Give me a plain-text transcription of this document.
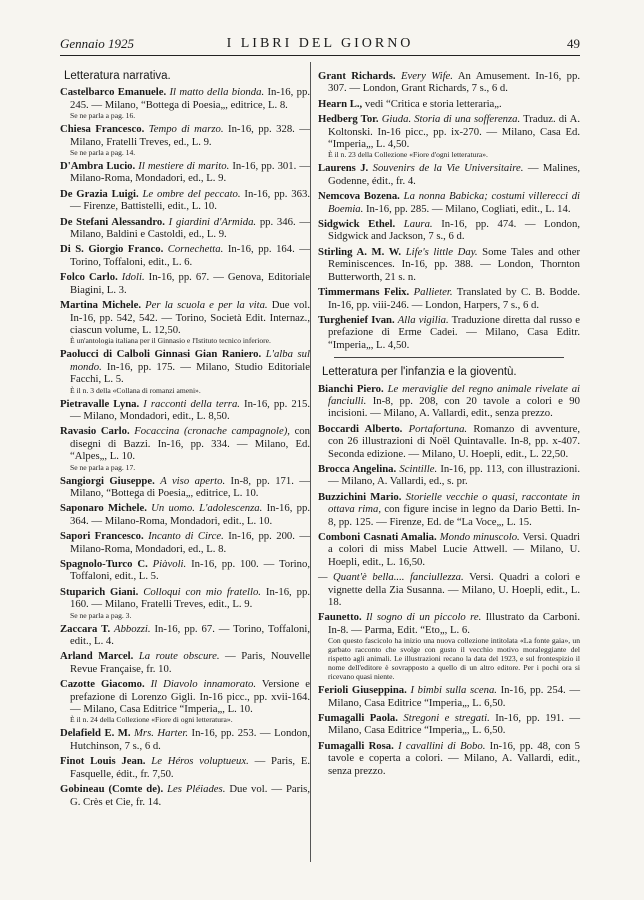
Gennaio 1925	I LIBRI DEL GIORNO	49
Letteratura narrativa.
Castelbarco Emanuele. Il matto della bionda. In-16, pp. 245. — Milano, “Bottega di Poesia„, editrice, L. 8.
Se ne parla a pag. 16.
Chiesa Francesco. Tempo di marzo. In-16, pp. 328. — Milano, Fratelli Treves, ed., L. 9.
Se ne parla a pag. 14.
D'Ambra Lucio. Il mestiere di marito. In-16, pp. 301. — Milano-Roma, Mondadori, ed., L. 9.
De Grazia Luigi. Le ombre del peccato. In-16, pp. 363. — Firenze, Battistelli, edit., L. 10.
De Stefani Alessandro. I giardini d'Armida. pp. 346. — Milano, Baldini e Castoldi, ed., L. 9.
Di S. Giorgio Franco. Cornechetta. In-16, pp. 164. — Torino, Toffaloni, edit., L. 6.
Folco Carlo. Idoli. In-16, pp. 67. — Genova, Editoriale Biagini, L. 3.
Martina Michele. Per la scuola e per la vita. Due vol. In-16, pp. 542, 542. — Torino, Società Edit. Internaz., ciascun volume, L. 12,50.
È un'antologia italiana per il Ginnasio e l'Istituto tecnico inferiore.
Paolucci di Calboli Ginnasi Gian Raniero. L'alba sul mondo. In-16, pp. 175. — Milano, Studio Editoriale Facchi, L. 5.
È il n. 3 della «Collana di romanzi ameni».
Pietravalle Lyna. I racconti della terra. In-16, pp. 215. — Milano, Mondadori, edit., L. 8,50.
Ravasio Carlo. Focaccina (cronache campagnole), con disegni di Bazzi. In-16, pp. 334. — Milano, Ed. “Alpes„, L. 10.
Se ne parla a pag. 17.
Sangiorgi Giuseppe. A viso aperto. In-8, pp. 171. — Milano, “Bottega di Poesia„, editrice, L. 10.
Saponaro Michele. Un uomo. L'adolescenza. In-16, pp. 364. — Milano-Roma, Mondadori, edit., L. 10.
Sapori Francesco. Incanto di Circe. In-16, pp. 200. — Milano-Roma, Mondadori, ed., L. 8.
Spagnolo-Turco C. Piàvoli. In-16, pp. 100. — Torino, Toffaloni, edit., L. 5.
Stuparich Giani. Colloqui con mio fratello. In-16, pp. 160. — Milano, Fratelli Treves, edit., L. 9.
Se ne parla a pag. 3.
Zaccara T. Abbozzi. In-16, pp. 67. — Torino, Toffaloni, edit., L. 4.
Arland Marcel. La route obscure. — Paris, Nouvelle Revue Française, fr. 10.
Cazotte Giacomo. Il Diavolo innamorato. Versione e prefazione di Lorenzo Gigli. In-16 picc., pp. xvii-164. — Milano, Casa Editrice “Imperia„, L. 10.
È il n. 24 della Collezione «Fiore di ogni letteratura».
Delafield E. M. Mrs. Harter. In-16, pp. 253. — London, Hutchinson, 7 s., 6 d.
Finot Louis Jean. Le Héros voluptueux. — Paris, E. Fasquelle, édit., fr. 7,50.
Gobineau (Comte de). Les Pléiades. Due vol. — Paris, G. Crès et Cie, fr. 14.
Grant Richards. Every Wife. An Amusement. In-16, pp. 307. — London, Grant Richards, 7 s., 6 d.
Hearn L., vedi “Critica e storia letteraria„.
Hedberg Tor. Giuda. Storia di una sofferenza. Traduz. di A. Koltonski. In-16 picc., pp. ix-270. — Milano, Casa Ed. “Imperia„, L. 4,50.
È il n. 23 della Collezione «Fiore d'ogni letteratura».
Laurens J. Souvenirs de la Vie Universitaire. — Malines, Godenne, édit., fr. 4.
Nemcova Bozena. La nonna Babicka; costumi villerecci di Boemia. In-16, pp. 285. — Milano, Cogliati, edit., L. 14.
Sidgwick Ethel. Laura. In-16, pp. 474. — London, Sidgwick and Jackson, 7 s., 6 d.
Stirling A. M. W. Life's little Day. Some Tales and other Reminiscences. In-16, pp. 388. — London, Thornton Butterworth, 21 s. n.
Timmermans Felix. Pallieter. Translated by C. B. Bodde. In-16, pp. viii-246. — London, Harpers, 7 s., 6 d.
Turghenief Ivan. Alla vigilia. Traduzione diretta dal russo e prefazione di Erme Cadei. — Milano, Casa Editr. “Imperia„, L. 4,50.
Letteratura per l'infanzia e la gioventù.
Bianchi Piero. Le meraviglie del regno animale rivelate ai fanciulli. In-8, pp. 208, con 20 tavole a colori e 90 incisioni. — Milano, A. Vallardi, edit., senza prezzo.
Boccardi Alberto. Portafortuna. Romanzo di avventure, con 26 illustrazioni di Noël Quintavalle. In-8, pp. x-407. Seconda edizione. — Milano, U. Hoepli, edit., L. 22,50.
Brocca Angelina. Scintille. In-16, pp. 113, con illustrazioni. — Milano, A. Vallardi, ed., s. pr.
Buzzichini Mario. Storielle vecchie o quasi, raccontate in ottava rima, con figure incise in legno da Dario Betti. In-8, pp. 125. — Firenze, Ed. de “La Voce„, L. 15.
Comboni Casnati Amalia. Mondo minuscolo. Versi. Quadri a colori di miss Mabel Lucie Attwell. — Milano, U. Hoepli, edit., L. 16,50.
— Quant'è bella.... fanciullezza. Versi. Quadri a colori e vignette della Zia Susanna. — Milano, U. Hoepli, edit., L. 18.
Faunetto. Il sogno di un piccolo re. Illustrato da Carboni. In-8. — Parma, Edit. “Eto„, L. 6.
Con questo fascicolo ha inizio una nuova collezione intitolata «La fonte gaia», un garbato racconto che svolge con gusto il vecchio motivo moraleggiante del rispetto agli animali. Le illustrazioni recano la data del 1923, e sul frontespizio il nome dell'editore è sovrapposto a quello di un altro editore. Per i pochi ora si ricevano quasi niente.
Ferioli Giuseppina. I bimbi sulla scena. In-16, pp. 254. — Milano, Casa Editrice “Imperia„, L. 6,50.
Fumagalli Paola. Stregoni e stregati. In-16, pp. 191. — Milano, Casa Editrice “Imperia„, L. 6,50.
Fumagalli Rosa. I cavallini di Bobo. In-16, pp. 48, con 5 tavole e coperta a colori. — Milano, A. Vallardi, edit., senza prezzo.
